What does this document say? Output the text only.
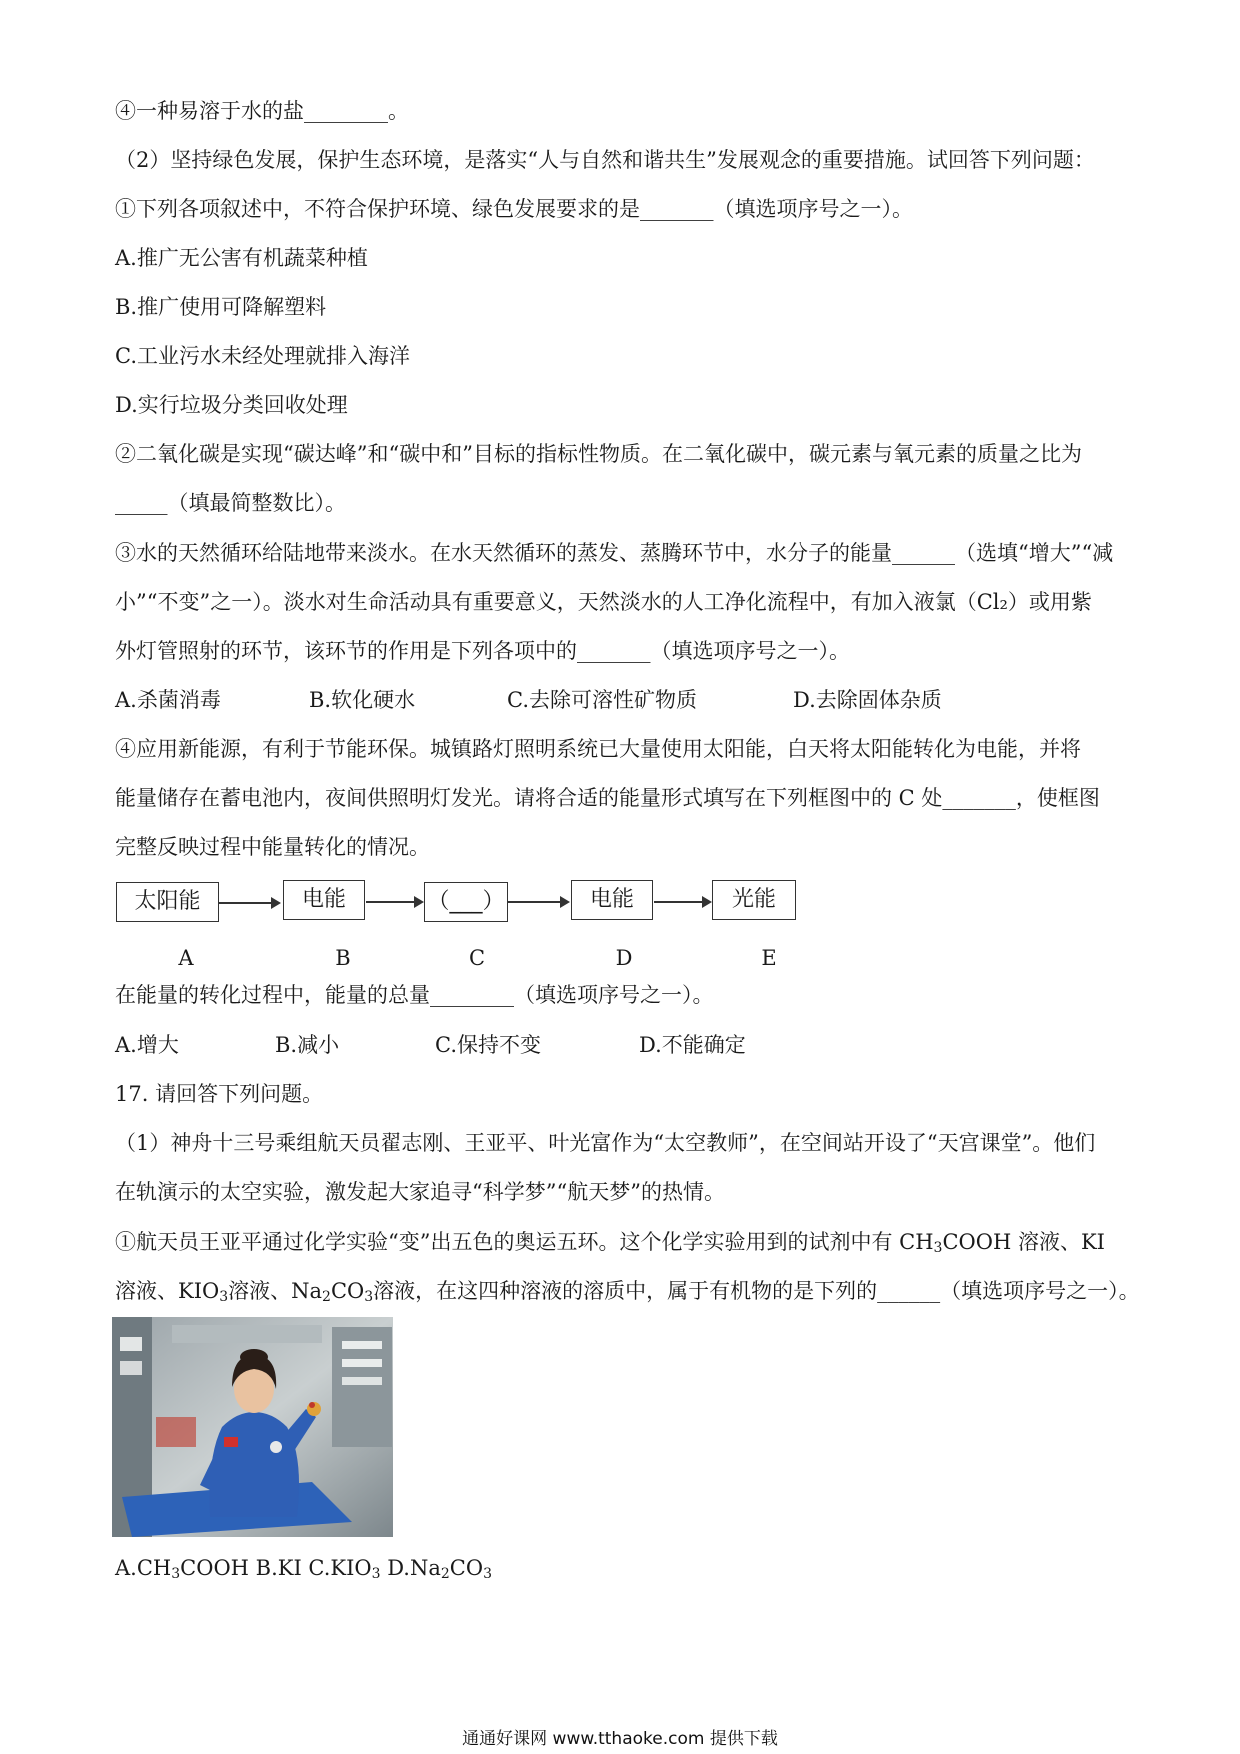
④一种易溶于水的盐________。
（2）坚持绿色发展，保护生态环境，是落实“人与自然和谐共生”发展观念的重要措施。试回答下列问题：
①下列各项叙述中，不符合保护环境、绿色发展要求的是_______（填选项序号之一）。
A.推广无公害有机蔬菜种植
B.推广使用可降解塑料
C.工业污水未经处理就排入海洋
D.实行垃圾分类回收处理
②二氧化碳是实现“碳达峰”和“碳中和”目标的指标性物质。在二氧化碳中，碳元素与氧元素的质量之比为
_____（填最简整数比）。
③水的天然循环给陆地带来淡水。在水天然循环的蒸发、蒸腾环节中，水分子的能量______（选填“增大”“减
小”“不变”之一）。淡水对生命活动具有重要意义，天然淡水的人工净化流程中，有加入液氯（Cl₂）或用紫
外灯管照射的环节，该环节的作用是下列各项中的_______（填选项序号之一）。
A.杀菌消毒	B.软化硬水	C.去除可溶性矿物质	D.去除固体杂质
④应用新能源，有利于节能环保。城镇路灯照明系统已大量使用太阳能，白天将太阳能转化为电能，并将
能量储存在蓄电池内，夜间供照明灯发光。请将合适的能量形式填写在下列框图中的 C 处_______，使框图
完整反映过程中能量转化的情况。
太阳能	电能	（___）	电能	光能
A	B	C	D	E
在能量的转化过程中，能量的总量________（填选项序号之一）。
A.增大	B.减小	C.保持不变	D.不能确定
17. 请回答下列问题。
（1）神舟十三号乘组航天员翟志刚、王亚平、叶光富作为“太空教师”，在空间站开设了“天宫课堂”。他们
在轨演示的太空实验，激发起大家追寻“科学梦”“航天梦”的热情。
①航天员王亚平通过化学实验“变”出五色的奥运五环。这个化学实验用到的试剂中有 $CH_3COOH$ 溶液、KI
溶液、$KIO_3$溶液、$Na_2CO_3$溶液，在这四种溶液的溶质中，属于有机物的是下列的______（填选项序号之一）。
$A.CH_3COOH$ B.KI $C.KIO_3$ $D.Na_2CO_3$
通通好课网 www.tthaoke.com 提供下载
